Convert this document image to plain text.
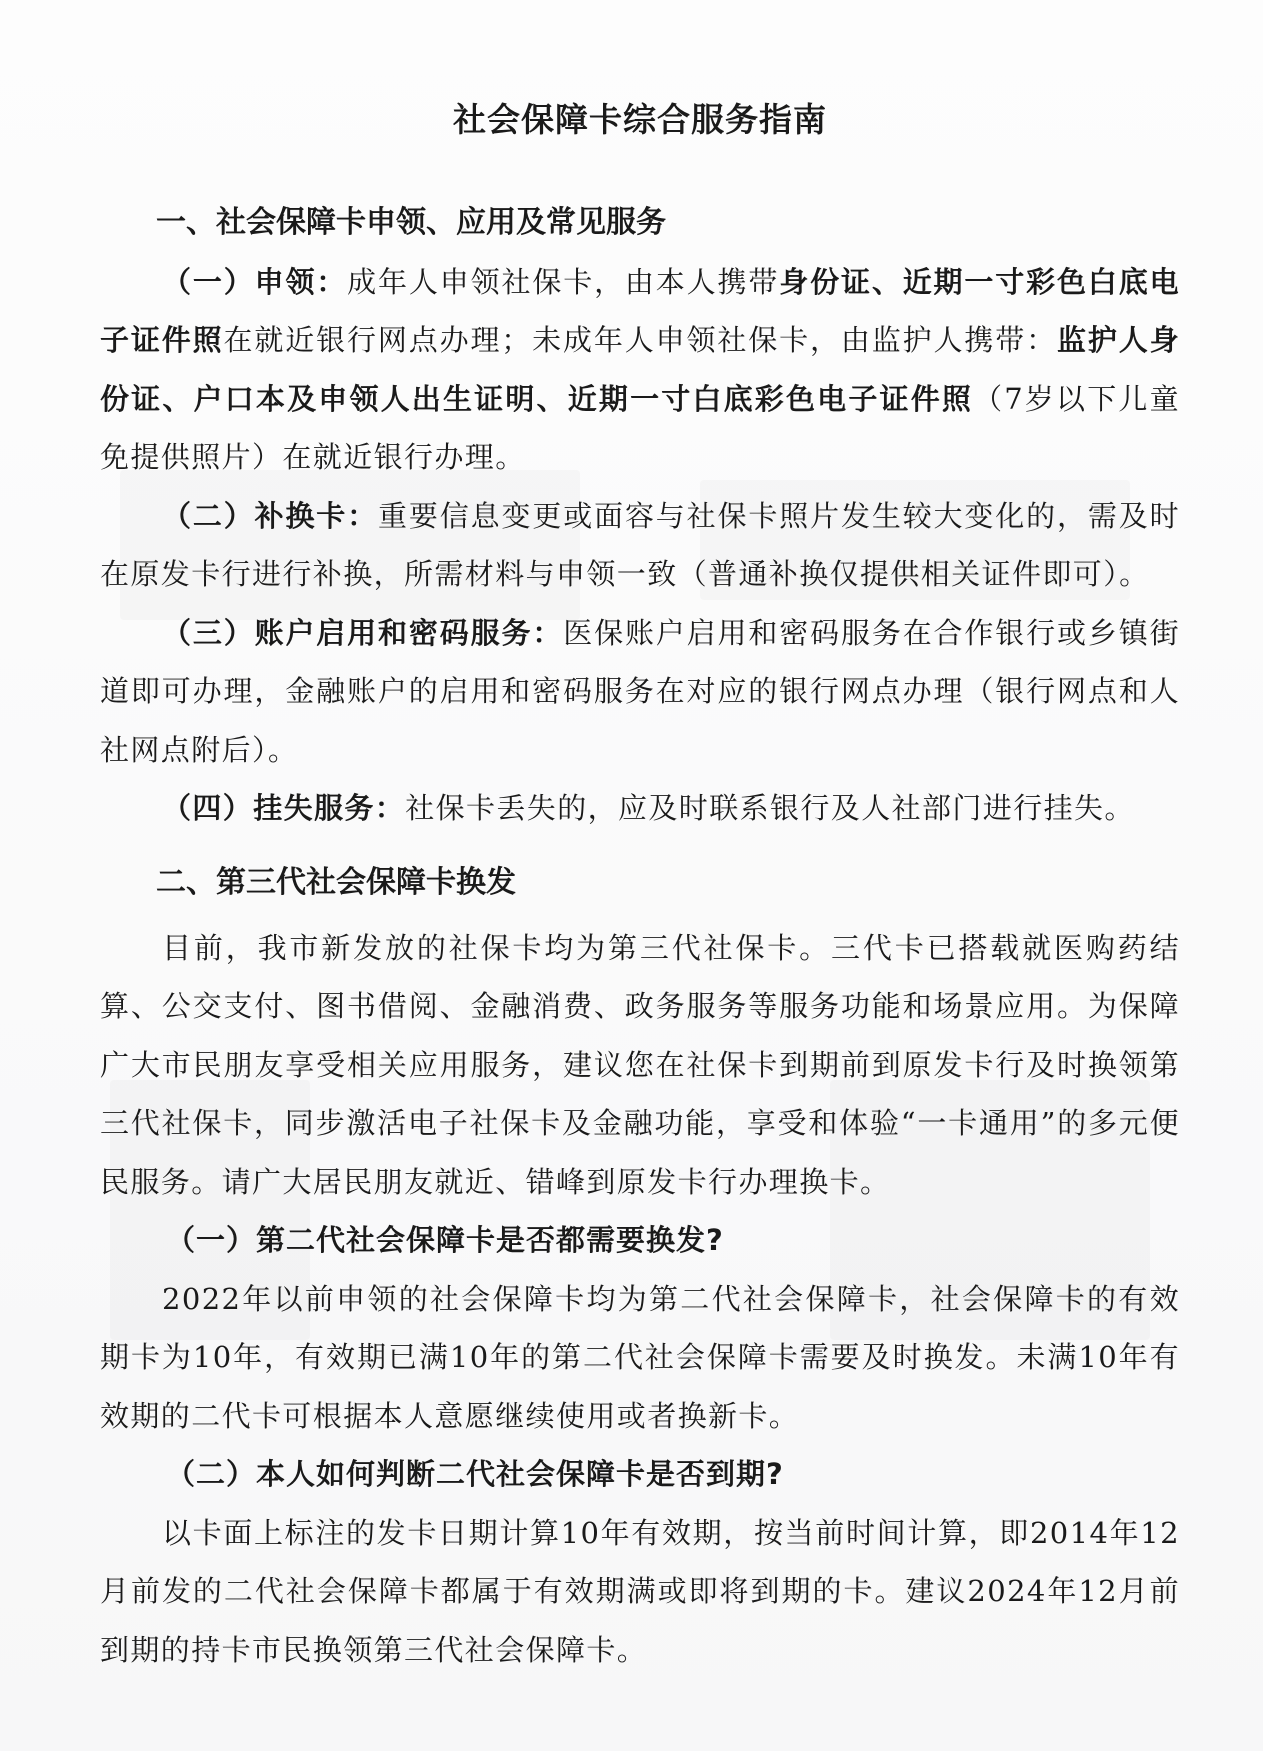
社会保障卡综合服务指南
一、社会保障卡申领、应用及常见服务

（一）申领：成年人申领社保卡，由本人携带身份证、近期一寸彩色白底电子证件照在就近银行网点办理；未成年人申领社保卡，由监护人携带：监护人身份证、户口本及申领人出生证明、近期一寸白底彩色电子证件照（7岁以下儿童免提供照片）在就近银行办理。

（二）补换卡：重要信息变更或面容与社保卡照片发生较大变化的，需及时在原发卡行进行补换，所需材料与申领一致（普通补换仅提供相关证件即可）。

（三）账户启用和密码服务：医保账户启用和密码服务在合作银行或乡镇街道即可办理，金融账户的启用和密码服务在对应的银行网点办理（银行网点和人社网点附后）。

（四）挂失服务：社保卡丢失的，应及时联系银行及人社部门进行挂失。

二、第三代社会保障卡换发

目前，我市新发放的社保卡均为第三代社保卡。三代卡已搭载就医购药结算、公交支付、图书借阅、金融消费、政务服务等服务功能和场景应用。为保障广大市民朋友享受相关应用服务，建议您在社保卡到期前到原发卡行及时换领第三代社保卡，同步激活电子社保卡及金融功能，享受和体验“一卡通用”的多元便民服务。请广大居民朋友就近、错峰到原发卡行办理换卡。

（一）第二代社会保障卡是否都需要换发?

2022年以前申领的社会保障卡均为第二代社会保障卡，社会保障卡的有效期卡为10年，有效期已满10年的第二代社会保障卡需要及时换发。未满10年有效期的二代卡可根据本人意愿继续使用或者换新卡。

（二）本人如何判断二代社会保障卡是否到期?

以卡面上标注的发卡日期计算10年有效期，按当前时间计算，即2014年12月前发的二代社会保障卡都属于有效期满或即将到期的卡。建议2024年12月前到期的持卡市民换领第三代社会保障卡。
